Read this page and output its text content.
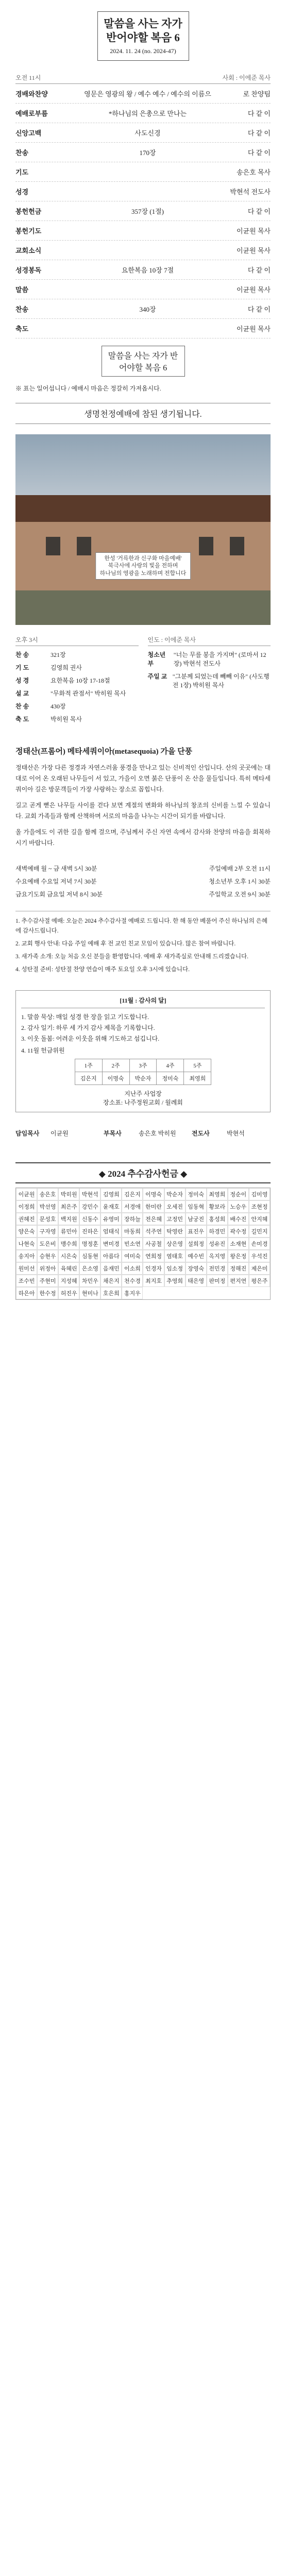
말씀을 사는 자가 반어야할 복음 6
2024. 11. 24 (no. 2024-47)
오전 11시	사회 : 이에준 목사
경배와찬양	영문은 영광의 왕 / 예수 예수 / 예수의 이름으	로 찬양팀
예배로부름	*하나님의 은총으로 만나는	다 같 이
신앙고백	사도신경	다 같 이
찬송	170장	다 같 이
기도	송은호 목사
성경	박현석 전도사
봉헌헌금	357장 (1절)	다 같 이
봉헌기도	이균원 목사
교회소식	이균원 목사
성경봉독	요한복음 10장 7절	다 같 이
말씀	이균원 목사
찬송	340장	다 같 이
축도	이균원 목사
말씀을 사는 자가 반어야할 복음 6
※ 표는 일어섭니다 / 예배시 마음은 정갈히 가져옵시다.
생명천정예배에 참된 생기됩니다.
한성 '거륵한과 신구화 마을예배'
북극사에 사랑의 빛을 전하며
하나님의 영광을 노래하며 전합니다
오후 3시
찬 송	321장
기 도	김영희 권사
성 경	요한복음 10장 17-18절
설 교	"무화적 관점서" 박히원 목사
찬 송	430장
축 도	박히원 목사
인도 : 이에준 목사
청소년부
"너는 무를 봉을 가지며" (로마서 12장) 박현석 전도사
주일 교 "그분께 되었는데 빼빼 이유" (사도행전 1장) 박히원 목사
정태산(프롬어) 메타세쿼이아(metasequoia) 가을 단풍

정태산은 가장 다른 정경과 자연스러움 풍경을 만나고 있는 신비적인 산입니다. 산의 곳곳에는 대대로 이어 온 오래된 나무들이 서 있고, 가을이 오면 붉은 단풍이 온 산을 물들입니다. 특히 메타세쿼이아 길은 방문객들이 가장 사랑하는 장소로 꼽힙니다.

길고 곧게 뻗은 나무들 사이를 걷다 보면 계절의 변화와 하나님의 창조의 신비를 느낄 수 있습니다. 교회 가족들과 함께 산책하며 서로의 마음을 나누는 시간이 되기를 바랍니다.

올 가을에도 이 귀한 길을 함께 걸으며, 주님께서 주신 자연 속에서 감사와 찬양의 마음을 회복하시기 바랍니다.

새벽예배 월 ~ 금 새벽 5시 30분	주일예배 2부 오전 11시
수요예배 수요일 저녁 7시 30분	청소년부 오후 1시 30분
금요기도회 금요일 저녁 8시 30분	주일학교 오전 9시 30분
1. 추수감사절 예배: 오늘은 2024 추수감사절 예배로 드립니다. 한 해 동안 베풀어 주신 하나님의 은혜에 감사드립니다.
2. 교회 행사 안내: 다음 주일 예배 후 전 교인 친교 모임이 있습니다. 많은 참여 바랍니다.
3. 새가족 소개: 오늘 처음 오신 분들을 환영합니다. 예배 후 새가족실로 안내해 드리겠습니다.
4. 성탄절 준비: 성탄절 찬양 연습이 매주 토요일 오후 3시에 있습니다.
[11월 : 감사의 달]
1. 말씀 묵상: 매일 성경 한 장을 읽고 기도합니다.
2. 감사 일기: 하루 세 가지 감사 제목을 기록합니다.
3. 이웃 돌봄: 어려운 이웃을 위해 기도하고 섬깁니다.
4. 11월 헌금위원
1주	2주	3주	4주	5주
김은지	이명숙	박순자	정미숙	최영희
지난주 사업장
장소표: 나주정원교회 / 월례회
담임목사	이균원	부목사	송은호 박히원	전도사	박현석
◆ 2024 추수감사헌금 ◆
이균원 송은호 박히원 박현석 김영희 김은지 이명숙 박순자 정미숙 최영희 정순이 김미영
이정희 박선영 최은주 강민수 윤재호 서경애 한미란 오세진 임동혁 황보라 노승우 조현정
권혜진 문성호 백지원 신동수 유영미 장하늘 전은혜 고정민 남궁진 홍성희 배수진 안지혜
양은숙 구자영 류민아 진하은 엄태식 마동희 석주연 탁영란 표진우 하경민 곽수정 길민지
나현숙 도은비 맹수희 명정훈 변미경 빈소연 사공철 상은영 설희정 성유진 소재현 손미경
송지아 승현우 시은숙 심동현 아름다 여미숙 연희정 염태호 예수빈 옥지영 왕은정 우석진
원미선 위정아 육혜린 은소영 음재민 이소희 인경자 임소정 장영숙 전민경 정해진 제은미
조수빈 주현미 지성혜 차민우 채은지 천수경 최지호 추영희 태은영 판미정 편지연 평은주
하은아 한수정 허진우 현미나 호은희 홍지우
